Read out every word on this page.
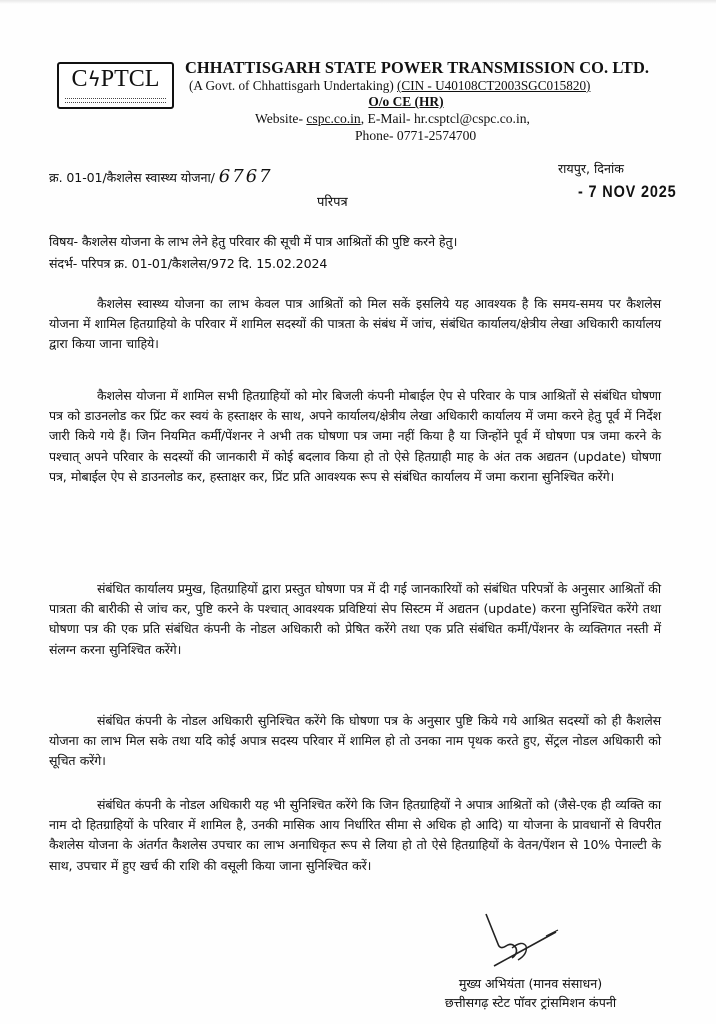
CϟPTCL	CHHATTISGARH STATE POWER TRANSMISSION CO. LTD.
(A Govt. of Chhattisgarh Undertaking) (CIN - U40108CT2003SGC015820)
O/o CE (HR)
Website- cspc.co.in, E-Mail- hr.csptcl@cspc.co.in,
Phone- 0771-2574700
क्र. 01-01/कैशलेस स्वास्थ्य योजना/ 6767	रायपुर, दिनांक
- 7 NOV 2025
परिपत्र
विषय- कैशलेस योजना के लाभ लेने हेतु परिवार की सूची में पात्र आश्रितों की पुष्टि करने हेतु।
संदर्भ- परिपत्र क्र. 01-01/कैशलेस/972 दि. 15.02.2024
कैशलेस स्वास्थ्य योजना का लाभ केवल पात्र आश्रितों को मिल सकें इसलिये यह आवश्यक है कि समय-समय पर कैशलेस योजना में शामिल हितग्राहियो के परिवार में शामिल सदस्यों की पात्रता के संबंध में जांच, संबंधित कार्यालय/क्षेत्रीय लेखा अधिकारी कार्यालय द्वारा किया जाना चाहिये।
कैशलेस योजना में शामिल सभी हितग्राहियों को मोर बिजली कंपनी मोबाईल ऐप से परिवार के पात्र आश्रितों से संबंधित घोषणा पत्र को डाउनलोड कर प्रिंट कर स्वयं के हस्ताक्षर के साथ, अपने कार्यालय/क्षेत्रीय लेखा अधिकारी कार्यालय में जमा करने हेतु पूर्व में निर्देश जारी किये गये हैं। जिन नियमित कर्मी/पेंशनर ने अभी तक घोषणा पत्र जमा नहीं किया है या जिन्होंने पूर्व में घोषणा पत्र जमा करने के पश्चात् अपने परिवार के सदस्यों की जानकारी में कोई बदलाव किया हो तो ऐसे हितग्राही माह के अंत तक अद्यतन (update) घोषणा पत्र, मोबाईल ऐप से डाउनलोड कर, हस्ताक्षर कर, प्रिंट प्रति आवश्यक रूप से संबंधित कार्यालय में जमा कराना सुनिश्चित करेंगे।
संबंधित कार्यालय प्रमुख, हितग्राहियों द्वारा प्रस्तुत घोषणा पत्र में दी गई जानकारियों को संबंधित परिपत्रों के अनुसार आश्रितों की पात्रता की बारीकी से जांच कर, पुष्टि करने के पश्चात् आवश्यक प्रविष्टियां सेप सिस्टम में अद्यतन (update) करना सुनिश्चित करेंगे तथा घोषणा पत्र की एक प्रति संबंधित कंपनी के नोडल अधिकारी को प्रेषित करेंगे तथा एक प्रति संबंधित कर्मी/पेंशनर के व्यक्तिगत नस्ती में संलग्न करना सुनिश्चित करेंगे।
संबंधित कंपनी के नोडल अधिकारी सुनिश्चित करेंगे कि घोषणा पत्र के अनुसार पुष्टि किये गये आश्रित सदस्यों को ही कैशलेस योजना का लाभ मिल सके तथा यदि कोई अपात्र सदस्य परिवार में शामिल हो तो उनका नाम पृथक करते हुए, सेंट्रल नोडल अधिकारी को सूचित करेंगे।
संबंधित कंपनी के नोडल अधिकारी यह भी सुनिश्चित करेंगे कि जिन हितग्राहियों ने अपात्र आश्रितों को (जैसे-एक ही व्यक्ति का नाम दो हितग्राहियों के परिवार में शामिल है, उनकी मासिक आय निर्धारित सीमा से अधिक हो आदि) या योजना के प्रावधानों से विपरीत कैशलेस योजना के अंतर्गत कैशलेस उपचार का लाभ अनाधिकृत रूप से लिया हो तो ऐसे हितग्राहियों के वेतन/पेंशन से 10% पेनाल्टी के साथ, उपचार में हुए खर्च की राशि की वसूली किया जाना सुनिश्चित करें।
मुख्य अभियंता (मानव संसाधन)
छत्तीसगढ़ स्टेट पॉवर ट्रांसमिशन कंपनी
